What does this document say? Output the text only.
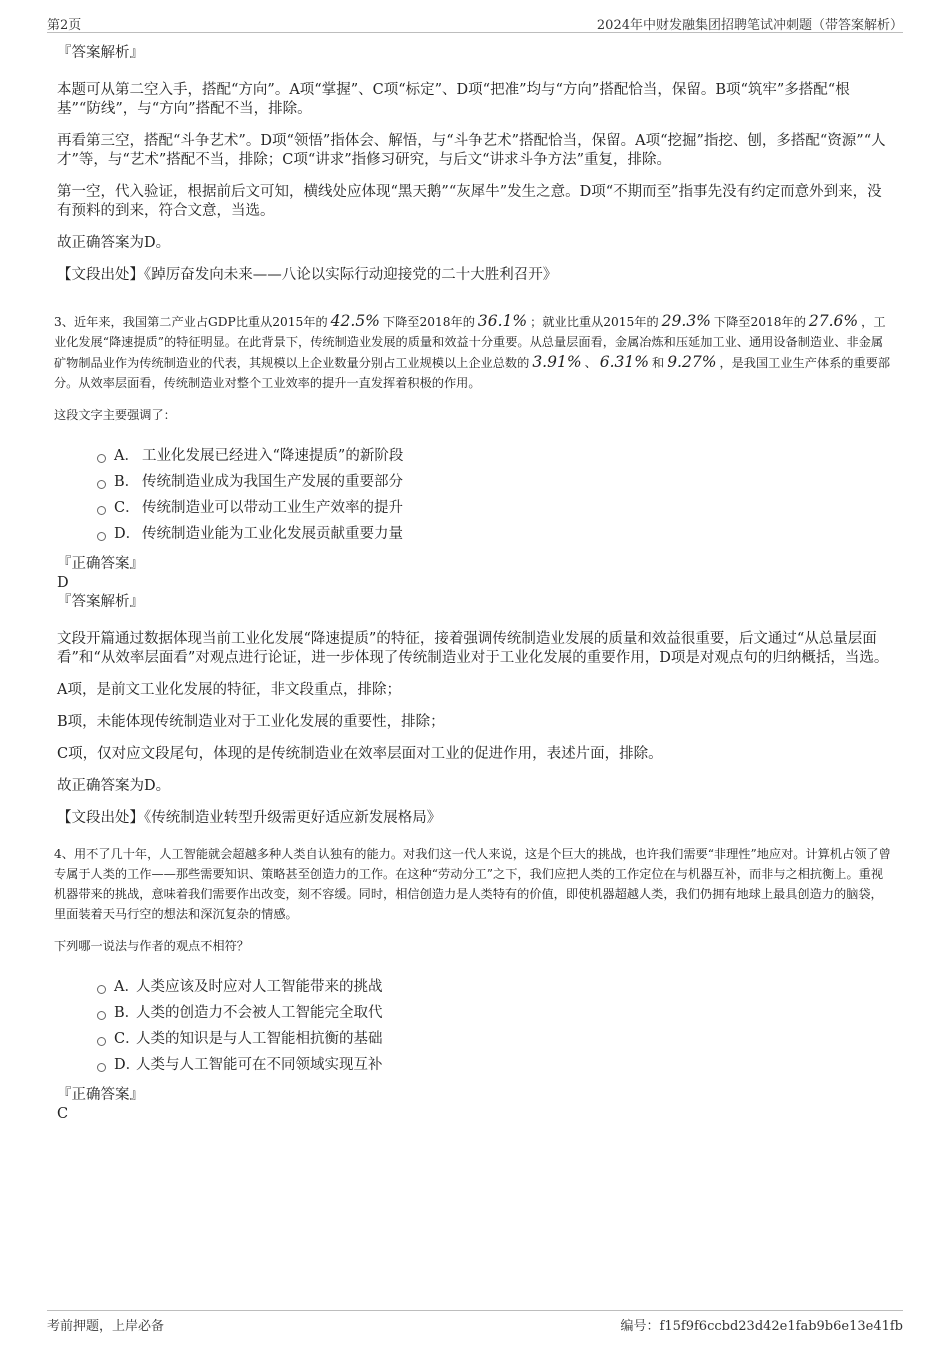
第2页	2024年中财发融集团招聘笔试冲刺题（带答案解析）
『答案解析』
本题可从第二空入手，搭配“方向”。A项“掌握”、C项“标定”、D项“把准”均与“方向”搭配恰当，保留。B项“筑牢”多搭配“根基”“防线”，与“方向”搭配不当，排除。
再看第三空，搭配“斗争艺术”。D项“领悟”指体会、解悟，与“斗争艺术”搭配恰当，保留。A项“挖掘”指挖、刨，多搭配“资源”“人才”等，与“艺术”搭配不当，排除；C项“讲求”指修习研究，与后文“讲求斗争方法”重复，排除。
第一空，代入验证，根据前后文可知，横线处应体现“黑天鹅”“灰犀牛”发生之意。D项“不期而至”指事先没有约定而意外到来，没有预料的到来，符合文意，当选。
故正确答案为D。
【文段出处】《踔厉奋发向未来——八论以实际行动迎接党的二十大胜利召开》
3、近年来，我国第二产业占GDP比重从2015年的 42.5% 下降至2018年的 36.1% ；就业比重从2015年的 29.3% 下降至2018年的 27.6% ，工业化发展“降速提质”的特征明显。在此背景下，传统制造业发展的质量和效益十分重要。从总量层面看，金属冶炼和压延加工业、通用设备制造业、非金属矿物制品业作为传统制造业的代表，其规模以上企业数量分别占工业规模以上企业总数的 3.91% 、 6.31% 和 9.27% ，是我国工业生产体系的重要部分。从效率层面看，传统制造业对整个工业效率的提升一直发挥着积极的作用。
这段文字主要强调了：
A． 工业化发展已经进入“降速提质”的新阶段
B． 传统制造业成为我国生产发展的重要部分
C． 传统制造业可以带动工业生产效率的提升
D． 传统制造业能为工业化发展贡献重要力量
『正确答案』
D
『答案解析』
文段开篇通过数据体现当前工业化发展“降速提质”的特征，接着强调传统制造业发展的质量和效益很重要，后文通过“从总量层面看”和“从效率层面看”对观点进行论证，进一步体现了传统制造业对于工业化发展的重要作用，D项是对观点句的归纳概括，当选。
A项，是前文工业化发展的特征，非文段重点，排除；
B项，未能体现传统制造业对于工业化发展的重要性，排除；
C项，仅对应文段尾句，体现的是传统制造业在效率层面对工业的促进作用，表述片面，排除。
故正确答案为D。
【文段出处】《传统制造业转型升级需更好适应新发展格局》
4、用不了几十年，人工智能就会超越多种人类自认独有的能力。对我们这一代人来说，这是个巨大的挑战，也许我们需要“非理性”地应对。计算机占领了曾专属于人类的工作——那些需要知识、策略甚至创造力的工作。在这种“劳动分工”之下，我们应把人类的工作定位在与机器互补，而非与之相抗衡上。重视机器带来的挑战，意味着我们需要作出改变，刻不容缓。同时，相信创造力是人类特有的价值，即使机器超越人类，我们仍拥有地球上最具创造力的脑袋，里面装着天马行空的想法和深沉复杂的情感。
下列哪一说法与作者的观点不相符？
A．人类应该及时应对人工智能带来的挑战
B．人类的创造力不会被人工智能完全取代
C．人类的知识是与人工智能相抗衡的基础
D．人类与人工智能可在不同领域实现互补
『正确答案』
C
考前押题，上岸必备	编号：f15f9f6ccbd23d42e1fab9b6e13e41fb
